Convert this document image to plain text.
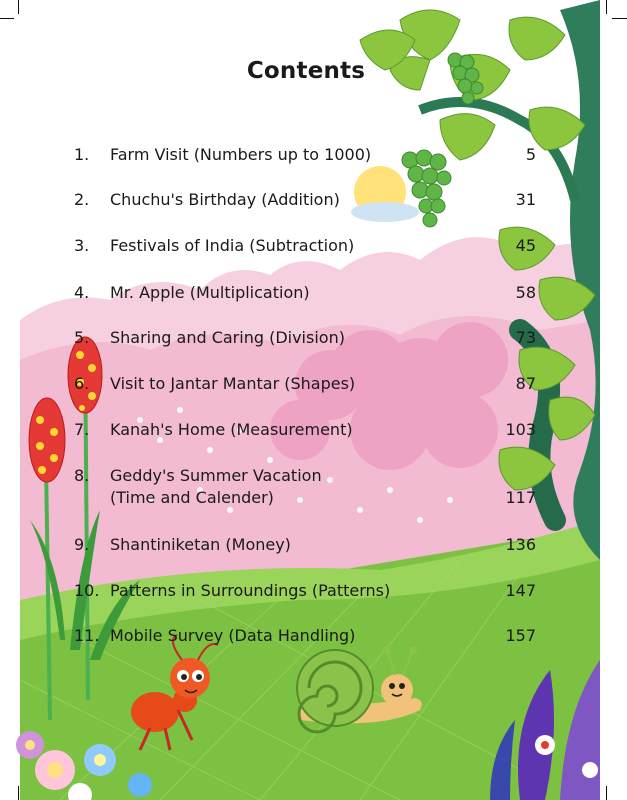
Contents
1.	Farm Visit (Numbers up to 1000)	5
2.	Chuchu's Birthday (Addition)	31
3.	Festivals of India (Subtraction)	45
4.	Mr. Apple (Multiplication)	58
5.	Sharing and Caring (Division)	73
6.	Visit to Jantar Mantar (Shapes)	87
7.	Kanah's Home (Measurement)	103
8.	Geddy's Summer Vacation
(Time and Calender)	117
9.	Shantiniketan (Money)	136
10. Patterns in Surroundings (Patterns)	147
11. Mobile Survey (Data Handling)	157
